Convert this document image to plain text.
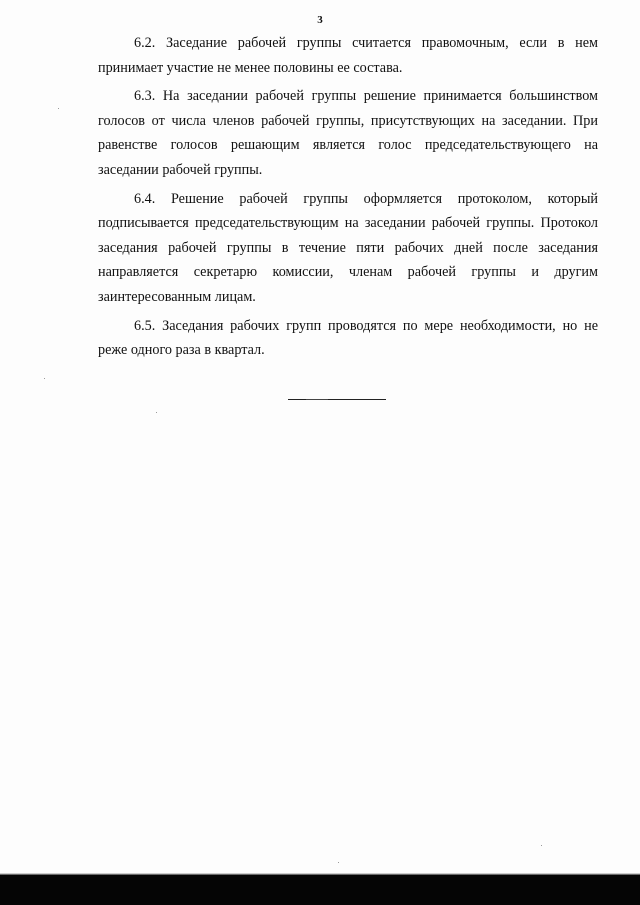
3

6.2. Заседание рабочей группы считается правомочным, если в нем принимает участие не менее половины ее состава.

6.3. На заседании рабочей группы решение принимается большинством голосов от числа членов рабочей группы, присутствующих на заседании. При равенстве голосов решающим является голос председательствующего на заседании рабочей группы.

6.4. Решение рабочей группы оформляется протоколом, который подписывается председательствующим на заседании рабочей группы. Протокол заседания рабочей группы в течение пяти рабочих дней после заседания направляется секретарю комиссии, членам рабочей группы и другим заинтересованным лицам.

6.5. Заседания рабочих групп проводятся по мере необходимости, но не реже одного раза в квартал.
